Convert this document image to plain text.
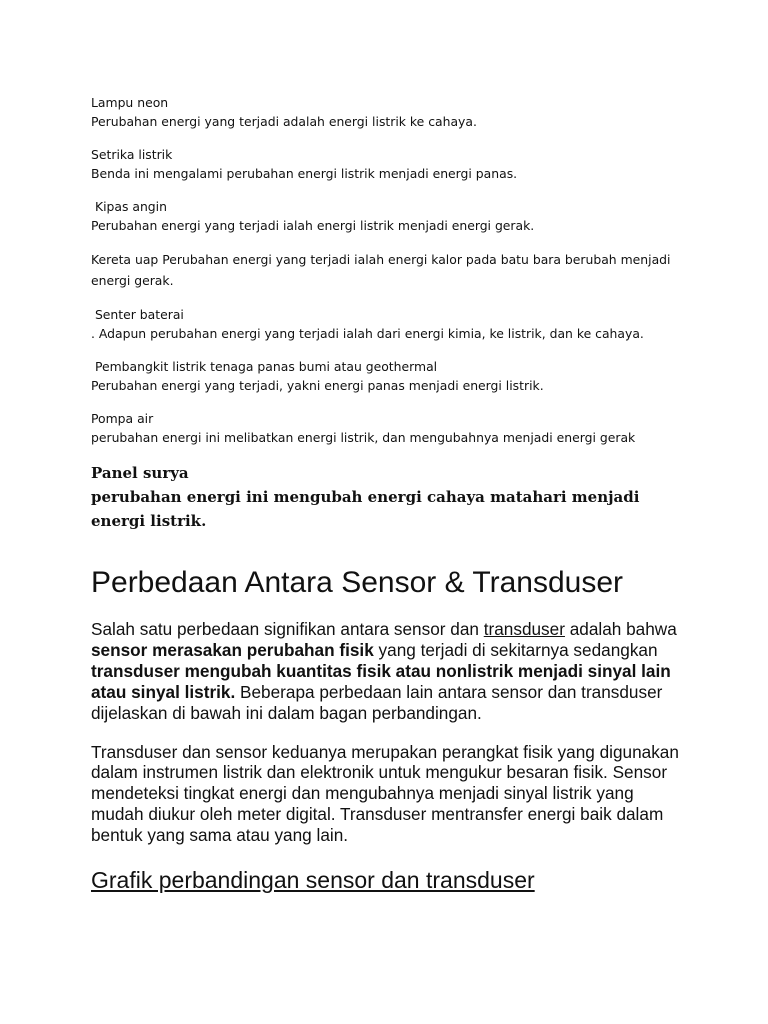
Lampu neon
Perubahan energi yang terjadi adalah energi listrik ke cahaya.
Setrika listrik
Benda ini mengalami perubahan energi listrik menjadi energi panas.
Kipas angin
Perubahan energi yang terjadi ialah energi listrik menjadi energi gerak.
Kereta uap Perubahan energi yang terjadi ialah energi kalor pada batu bara berubah menjadi energi gerak.
Senter baterai
. Adapun perubahan energi yang terjadi ialah dari energi kimia, ke listrik, dan ke cahaya.
Pembangkit listrik tenaga panas bumi atau geothermal
Perubahan energi yang terjadi, yakni energi panas menjadi energi listrik.
Pompa air
perubahan energi ini melibatkan energi listrik, dan mengubahnya menjadi energi gerak
Panel surya
perubahan energi ini mengubah energi cahaya matahari menjadi energi listrik.
Perbedaan Antara Sensor & Transduser

Salah satu perbedaan signifikan antara sensor dan transduser adalah bahwa sensor merasakan perubahan fisik yang terjadi di sekitarnya sedangkan transduser mengubah kuantitas fisik atau nonlistrik menjadi sinyal lain atau sinyal listrik. Beberapa perbedaan lain antara sensor dan transduser dijelaskan di bawah ini dalam bagan perbandingan.

Transduser dan sensor keduanya merupakan perangkat fisik yang digunakan dalam instrumen listrik dan elektronik untuk mengukur besaran fisik. Sensor mendeteksi tingkat energi dan mengubahnya menjadi sinyal listrik yang mudah diukur oleh meter digital. Transduser mentransfer energi baik dalam bentuk yang sama atau yang lain.

Grafik perbandingan sensor dan transduser
